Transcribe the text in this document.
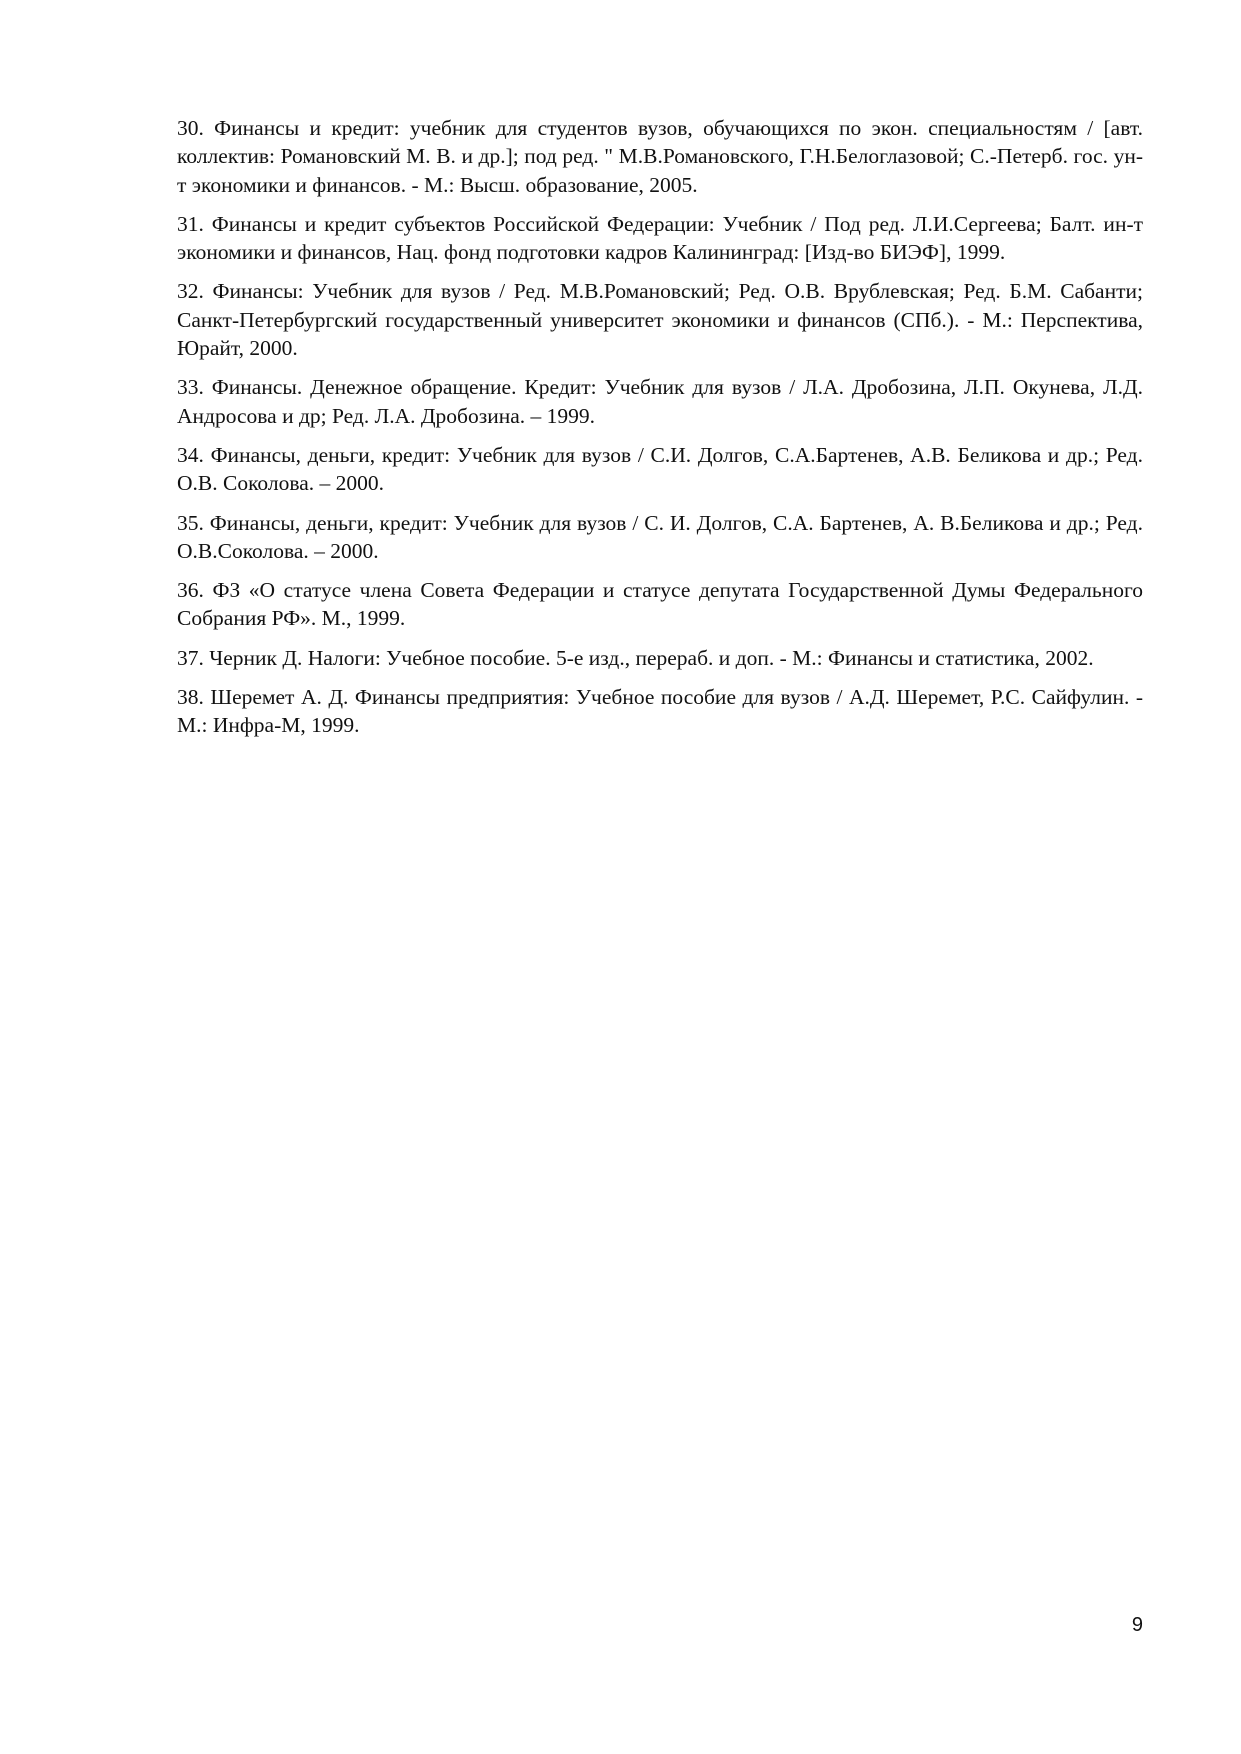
30. Финансы и кредит: учебник для студентов вузов, обучающихся по экон. специальностям / [авт. коллектив: Романовский М. В. и др.]; под ред. " М.В.Романовского, Г.Н.Белоглазовой; С.-Петерб. гос. ун-т экономики и финансов. - М.: Высш. образование, 2005.
31. Финансы и кредит субъектов Российской Федерации: Учебник / Под ред. Л.И.Сергеева; Балт. ин-т экономики и финансов, Нац. фонд подготовки кадров Калининград: [Изд-во БИЭФ], 1999.
32. Финансы: Учебник для вузов / Ред. М.В.Романовский; Ред. О.В. Врублевская; Ред. Б.М. Сабанти; Санкт-Петербургский государственный университет экономики и финансов (СПб.). - М.: Перспектива, Юрайт, 2000.
33. Финансы. Денежное обращение. Кредит: Учебник для вузов / Л.А. Дробозина, Л.П. Окунева, Л.Д. Андросова и др; Ред. Л.А. Дробозина. – 1999.
34. Финансы, деньги, кредит: Учебник для вузов / С.И. Долгов, С.А.Бартенев, А.В. Беликова и др.; Ред. О.В. Соколова. – 2000.
35. Финансы, деньги, кредит: Учебник для вузов / С. И. Долгов, С.А. Бартенев, А. В.Беликова и др.; Ред. О.В.Соколова. – 2000.
36. ФЗ «О статусе члена Совета Федерации и статусе депутата Государственной Думы Федерального Собрания РФ». М., 1999.
37. Черник Д. Налоги: Учебное пособие. 5-е изд., перераб. и доп. - М.: Финансы и статистика, 2002.
38. Шеремет А. Д. Финансы предприятия: Учебное пособие для вузов / А.Д. Шеремет, Р.С. Сайфулин. - М.: Инфра-М, 1999.
9
